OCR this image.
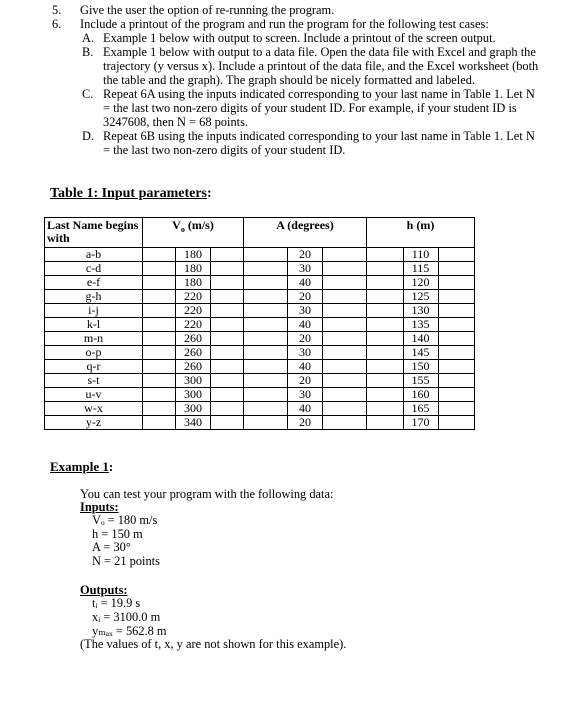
5. Give the user the option of re-running the program.
6. Include a printout of the program and run the program for the following test cases:
A. Example 1 below with output to screen. Include a printout of the screen output.
B. Example 1 below with output to a data file. Open the data file with Excel and graph the
trajectory (y versus x). Include a printout of the data file, and the Excel worksheet (both
the table and the graph). The graph should be nicely formatted and labeled.
C. Repeat 6A using the inputs indicated corresponding to your last name in Table 1. Let N
= the last two non-zero digits of your student ID. For example, if your student ID is
3247608, then N = 68 points.
D. Repeat 6B using the inputs indicated corresponding to your last name in Table 1. Let N
= the last two non-zero digits of your student ID.
Table 1: Input parameters:
Last Name begins with	$V_o$ (m/s)	A (degrees)	h (m)
a-b	180	20	110
c-d	180	30	115
e-f	180	40	120
g-h	220	20	125
i-j	220	30	130
k-l	220	40	135
m-n	260	20	140
o-p	260	30	145
q-r	260	40	150
s-t	300	20	155
u-v	300	30	160
w-x	300	40	165
y-z	340	20	170
Example 1:
You can test your program with the following data:
Inputs:
Vₒ = 180 m/s
h = 150 m
A = 30°
N = 21 points
Outputs:
tᵢ = 19.9 s
xᵢ = 3100.0 m
yₘₐₓ = 562.8 m
(The values of t, x, y are not shown for this example).
